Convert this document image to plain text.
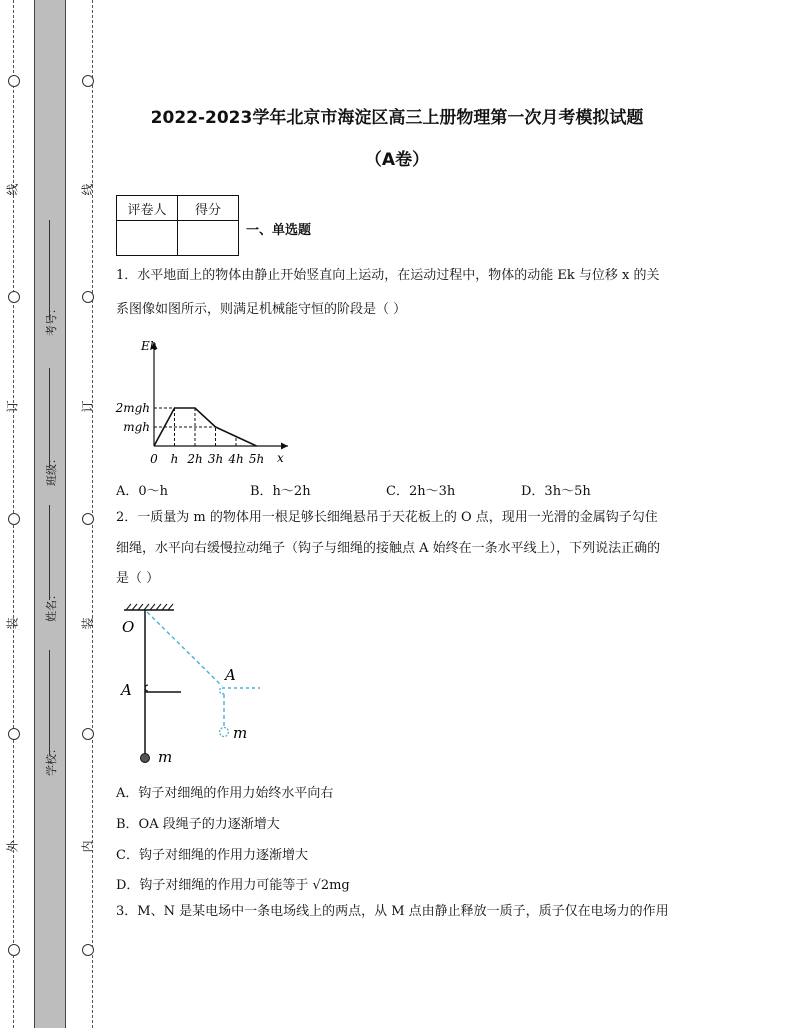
线
订
装
外
线
订
装
内
考号：
班级：
姓名：
学校：
2022-2023学年北京市海淀区高三上册物理第一次月考模拟试题
（A卷）
评卷人	得分

一、单选题
1．水平地面上的物体由静止开始竖直向上运动，在运动过程中，物体的动能 Ek 与位移 x 的关
系图像如图所示，则满足机械能守恒的阶段是（ ）
Ek
x
0 h 2h 3h 4h 5h
mgh
2mgh
A．0～h	B．h～2h	C．2h～3h	D．3h～5h
2．一质量为 m 的物体用一根足够长细绳悬吊于天花板上的 O 点，现用一光滑的金属钩子勾住
细绳，水平向右缓慢拉动绳子（钩子与细绳的接触点 A 始终在一条水平线上），下列说法正确的
是（ ）
O
A
m
A
m
A．钩子对细绳的作用力始终水平向右
B．OA 段绳子的力逐渐增大
C．钩子对细绳的作用力逐渐增大
D．钩子对细绳的作用力可能等于 √2mg
3．M、N 是某电场中一条电场线上的两点，从 M 点由静止释放一质子，质子仅在电场力的作用
